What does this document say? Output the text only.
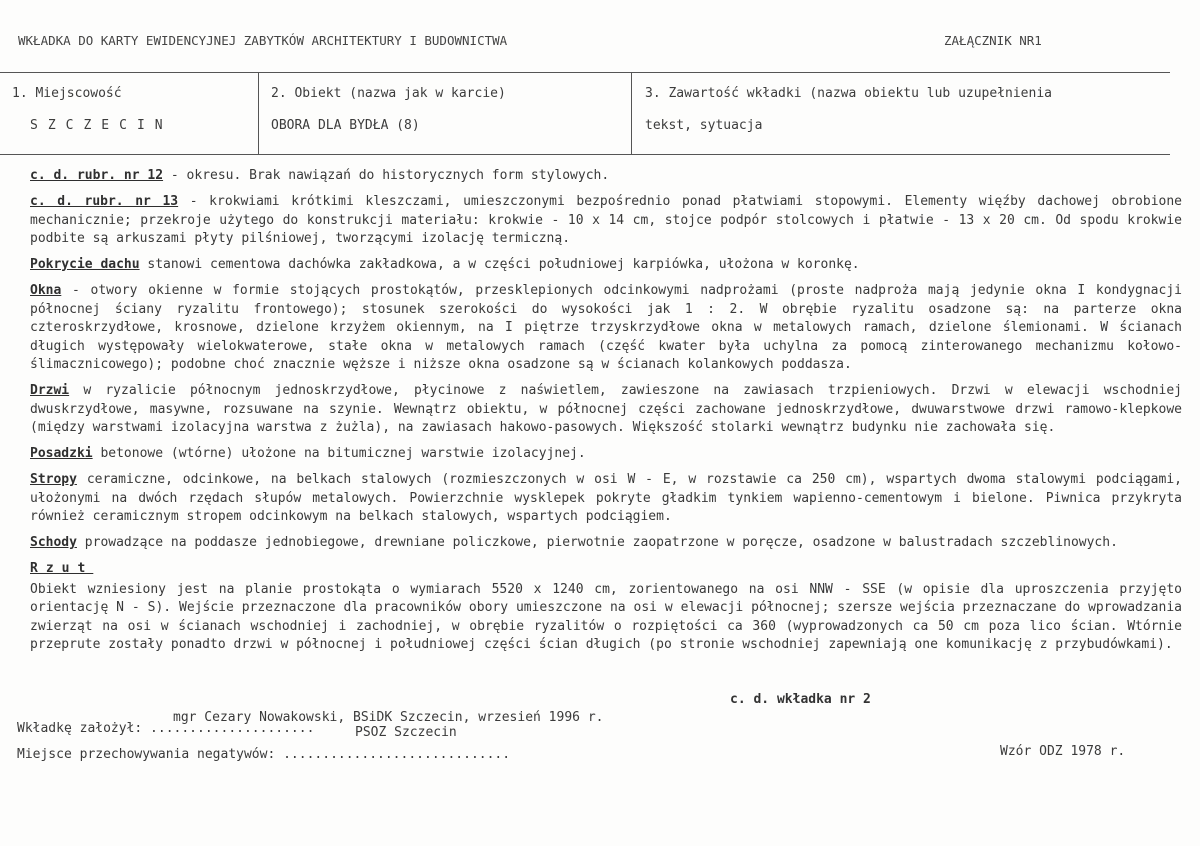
WKŁADKA DO KARTY EWIDENCYJNEJ ZABYTKÓW ARCHITEKTURY I BUDOWNICTWA	ZAŁĄCZNIK NR1
1. Miejscowość
SZCZECIN
2. Obiekt (nazwa jak w karcie)
OBORA DLA BYDŁA (8)
3. Zawartość wkładki (nazwa obiektu lub uzupełnienia
tekst, sytuacja

c. d. rubr. nr 12 - okresu. Brak nawiązań do historycznych form stylowych.

c. d. rubr. nr 13 - krokwiami krótkimi kleszczami, umieszczonymi bezpośrednio ponad płatwiami stopowymi. Elementy więźby dachowej obrobione mechanicznie; przekroje użytego do konstrukcji materiału: krokwie - 10 x 14 cm, stojce podpór stolcowych i płatwie - 13 x 20 cm. Od spodu krokwie podbite są arkuszami płyty pilśniowej, tworzącymi izolację termiczną.

Pokrycie dachu stanowi cementowa dachówka zakładkowa, a w części południowej karpiówka, ułożona w koronkę.

Okna - otwory okienne w formie stojących prostokątów, przesklepionych odcinkowymi nadprożami (proste nadproża mają jedynie okna I kondygnacji północnej ściany ryzalitu frontowego); stosunek szerokości do wysokości jak 1 : 2. W obrębie ryzalitu osadzone są: na parterze okna czteroskrzydłowe, krosnowe, dzielone krzyżem okiennym, na I piętrze trzyskrzydłowe okna w metalowych ramach, dzielone ślemionami. W ścianach długich występowały wielokwaterowe, stałe okna w metalowych ramach (część kwater była uchylna za pomocą zinterowanego mechanizmu kołowo-ślimacznicowego); podobne choć znacznie węższe i niższe okna osadzone są w ścianach kolankowych poddasza.

Drzwi w ryzalicie północnym jednoskrzydłowe, płycinowe z naświetlem, zawieszone na zawiasach trzpieniowych. Drzwi w elewacji wschodniej dwuskrzydłowe, masywne, rozsuwane na szynie. Wewnątrz obiektu, w północnej części zachowane jednoskrzydłowe, dwuwarstwowe drzwi ramowo-klepkowe (między warstwami izolacyjna warstwa z żużla), na zawiasach hakowo-pasowych. Większość stolarki wewnątrz budynku nie zachowała się.

Posadzki betonowe (wtórne) ułożone na bitumicznej warstwie izolacyjnej.

Stropy ceramiczne, odcinkowe, na belkach stalowych (rozmieszczonych w osi W - E, w rozstawie ca 250 cm), wspartych dwoma stalowymi podciągami, ułożonymi na dwóch rzędach słupów metalowych. Powierzchnie wysklepek pokryte gładkim tynkiem wapienno-cementowym i bielone. Piwnica przykryta również ceramicznym stropem odcinkowym na belkach stalowych, wspartych podciągiem.

Schody prowadzące na poddasze jednobiegowe, drewniane policzkowe, pierwotnie zaopatrzone w poręcze, osadzone w balustradach szczeblinowych.

Rzut

Obiekt wzniesiony jest na planie prostokąta o wymiarach 5520 x 1240 cm, zorientowanego na osi NNW - SSE (w opisie dla uproszczenia przyjęto orientację N - S). Wejście przeznaczone dla pracowników obory umieszczone na osi w elewacji północnej; szersze wejścia przeznaczane do wprowadzania zwierząt na osi w ścianach wschodniej i zachodniej, w obrębie ryzalitów o rozpiętości ca 360 (wyprowadzonych ca 50 cm poza lico ścian. Wtórnie przeprute zostały ponadto drzwi w północnej i południowej części ścian długich (po stronie wschodniej zapewniają one komunikację z przybudówkami).

c. d. wkładka nr 2
mgr Cezary Nowakowski, BSiDK Szczecin, wrzesień 1996 r.
Wkładkę założył: .....................	PSOZ Szczecin
Miejsce przechowywania negatywów: .............................	Wzór ODZ 1978 r.
